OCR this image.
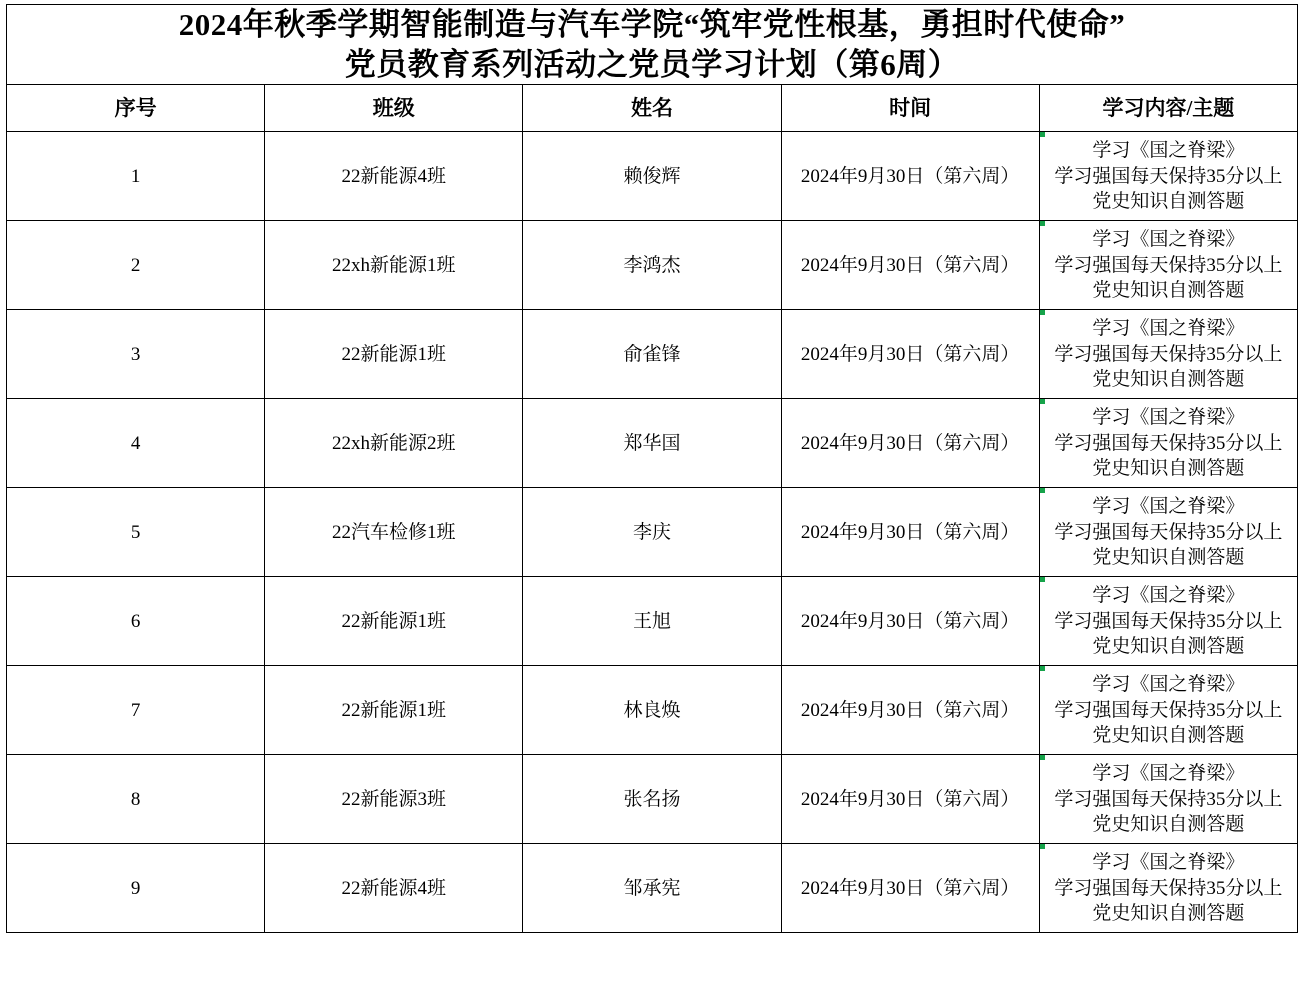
2024年秋季学期智能制造与汽车学院“筑牢党性根基，勇担时代使命”
党员教育系列活动之党员学习计划（第6周）				

序号	班级	姓名	时间	学习内容/主题
1	22新能源4班	赖俊辉	2024年9月30日（第六周）	学习《国之脊梁》
学习强国每天保持35分以上
党史知识自测答题

2	22xh新能源1班	李鸿杰	2024年9月30日（第六周）	学习《国之脊梁》
学习强国每天保持35分以上
党史知识自测答题

3	22新能源1班	俞雀锋	2024年9月30日（第六周）	学习《国之脊梁》
学习强国每天保持35分以上
党史知识自测答题

4	22xh新能源2班	郑华国	2024年9月30日（第六周）	学习《国之脊梁》
学习强国每天保持35分以上
党史知识自测答题

5	22汽车检修1班	李庆	2024年9月30日（第六周）	学习《国之脊梁》
学习强国每天保持35分以上
党史知识自测答题

6	22新能源1班	王旭	2024年9月30日（第六周）	学习《国之脊梁》
学习强国每天保持35分以上
党史知识自测答题

7	22新能源1班	林良焕	2024年9月30日（第六周）	学习《国之脊梁》
学习强国每天保持35分以上
党史知识自测答题

8	22新能源3班	张名扬	2024年9月30日（第六周）	学习《国之脊梁》
学习强国每天保持35分以上
党史知识自测答题

9	22新能源4班	邹承宪	2024年9月30日（第六周）	学习《国之脊梁》
学习强国每天保持35分以上
党史知识自测答题
